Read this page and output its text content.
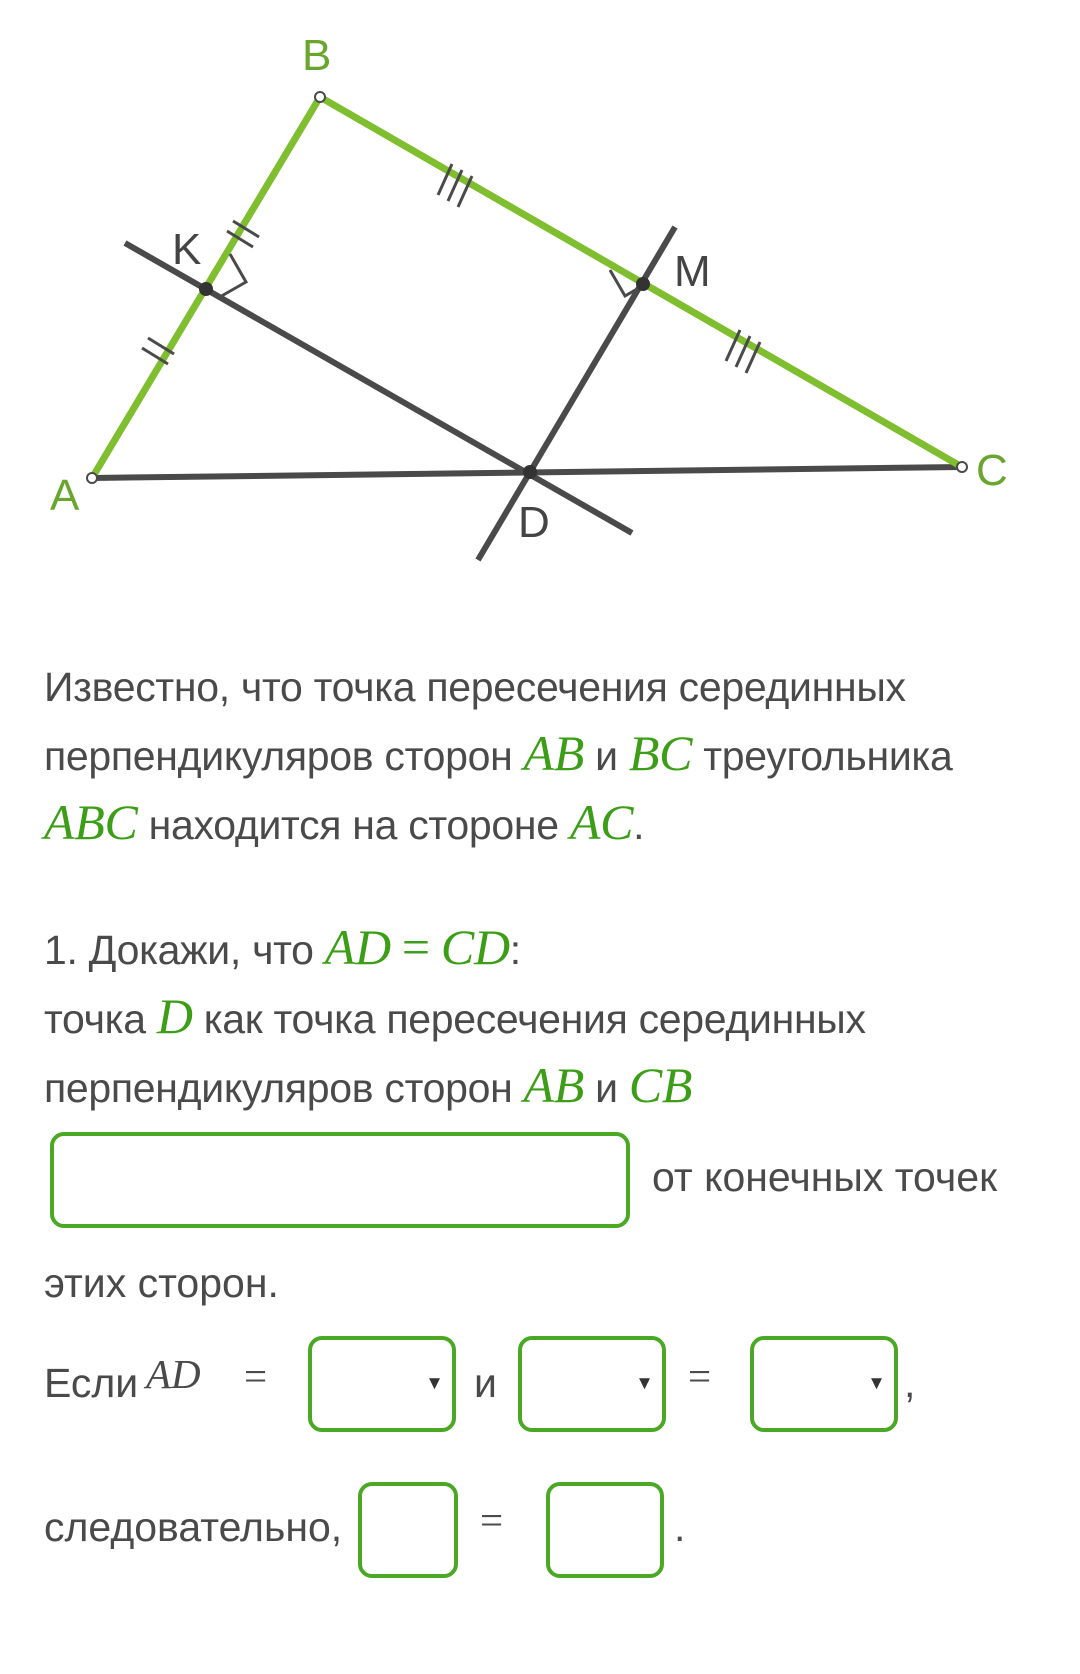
A
B
C
D
K	M
Известно, что точка пересечения серединных
перпендикуляров сторон AB и BC треугольника
ABC находится на стороне AC.
1. Докажи, что AD = CD:
точка D как точка пересечения серединных
перпендикуляров сторон AB и CB
от конечных точек
этих сторон.
Если AD =	▾ и	▾ =	▾ ,
следовательно,	=	.
